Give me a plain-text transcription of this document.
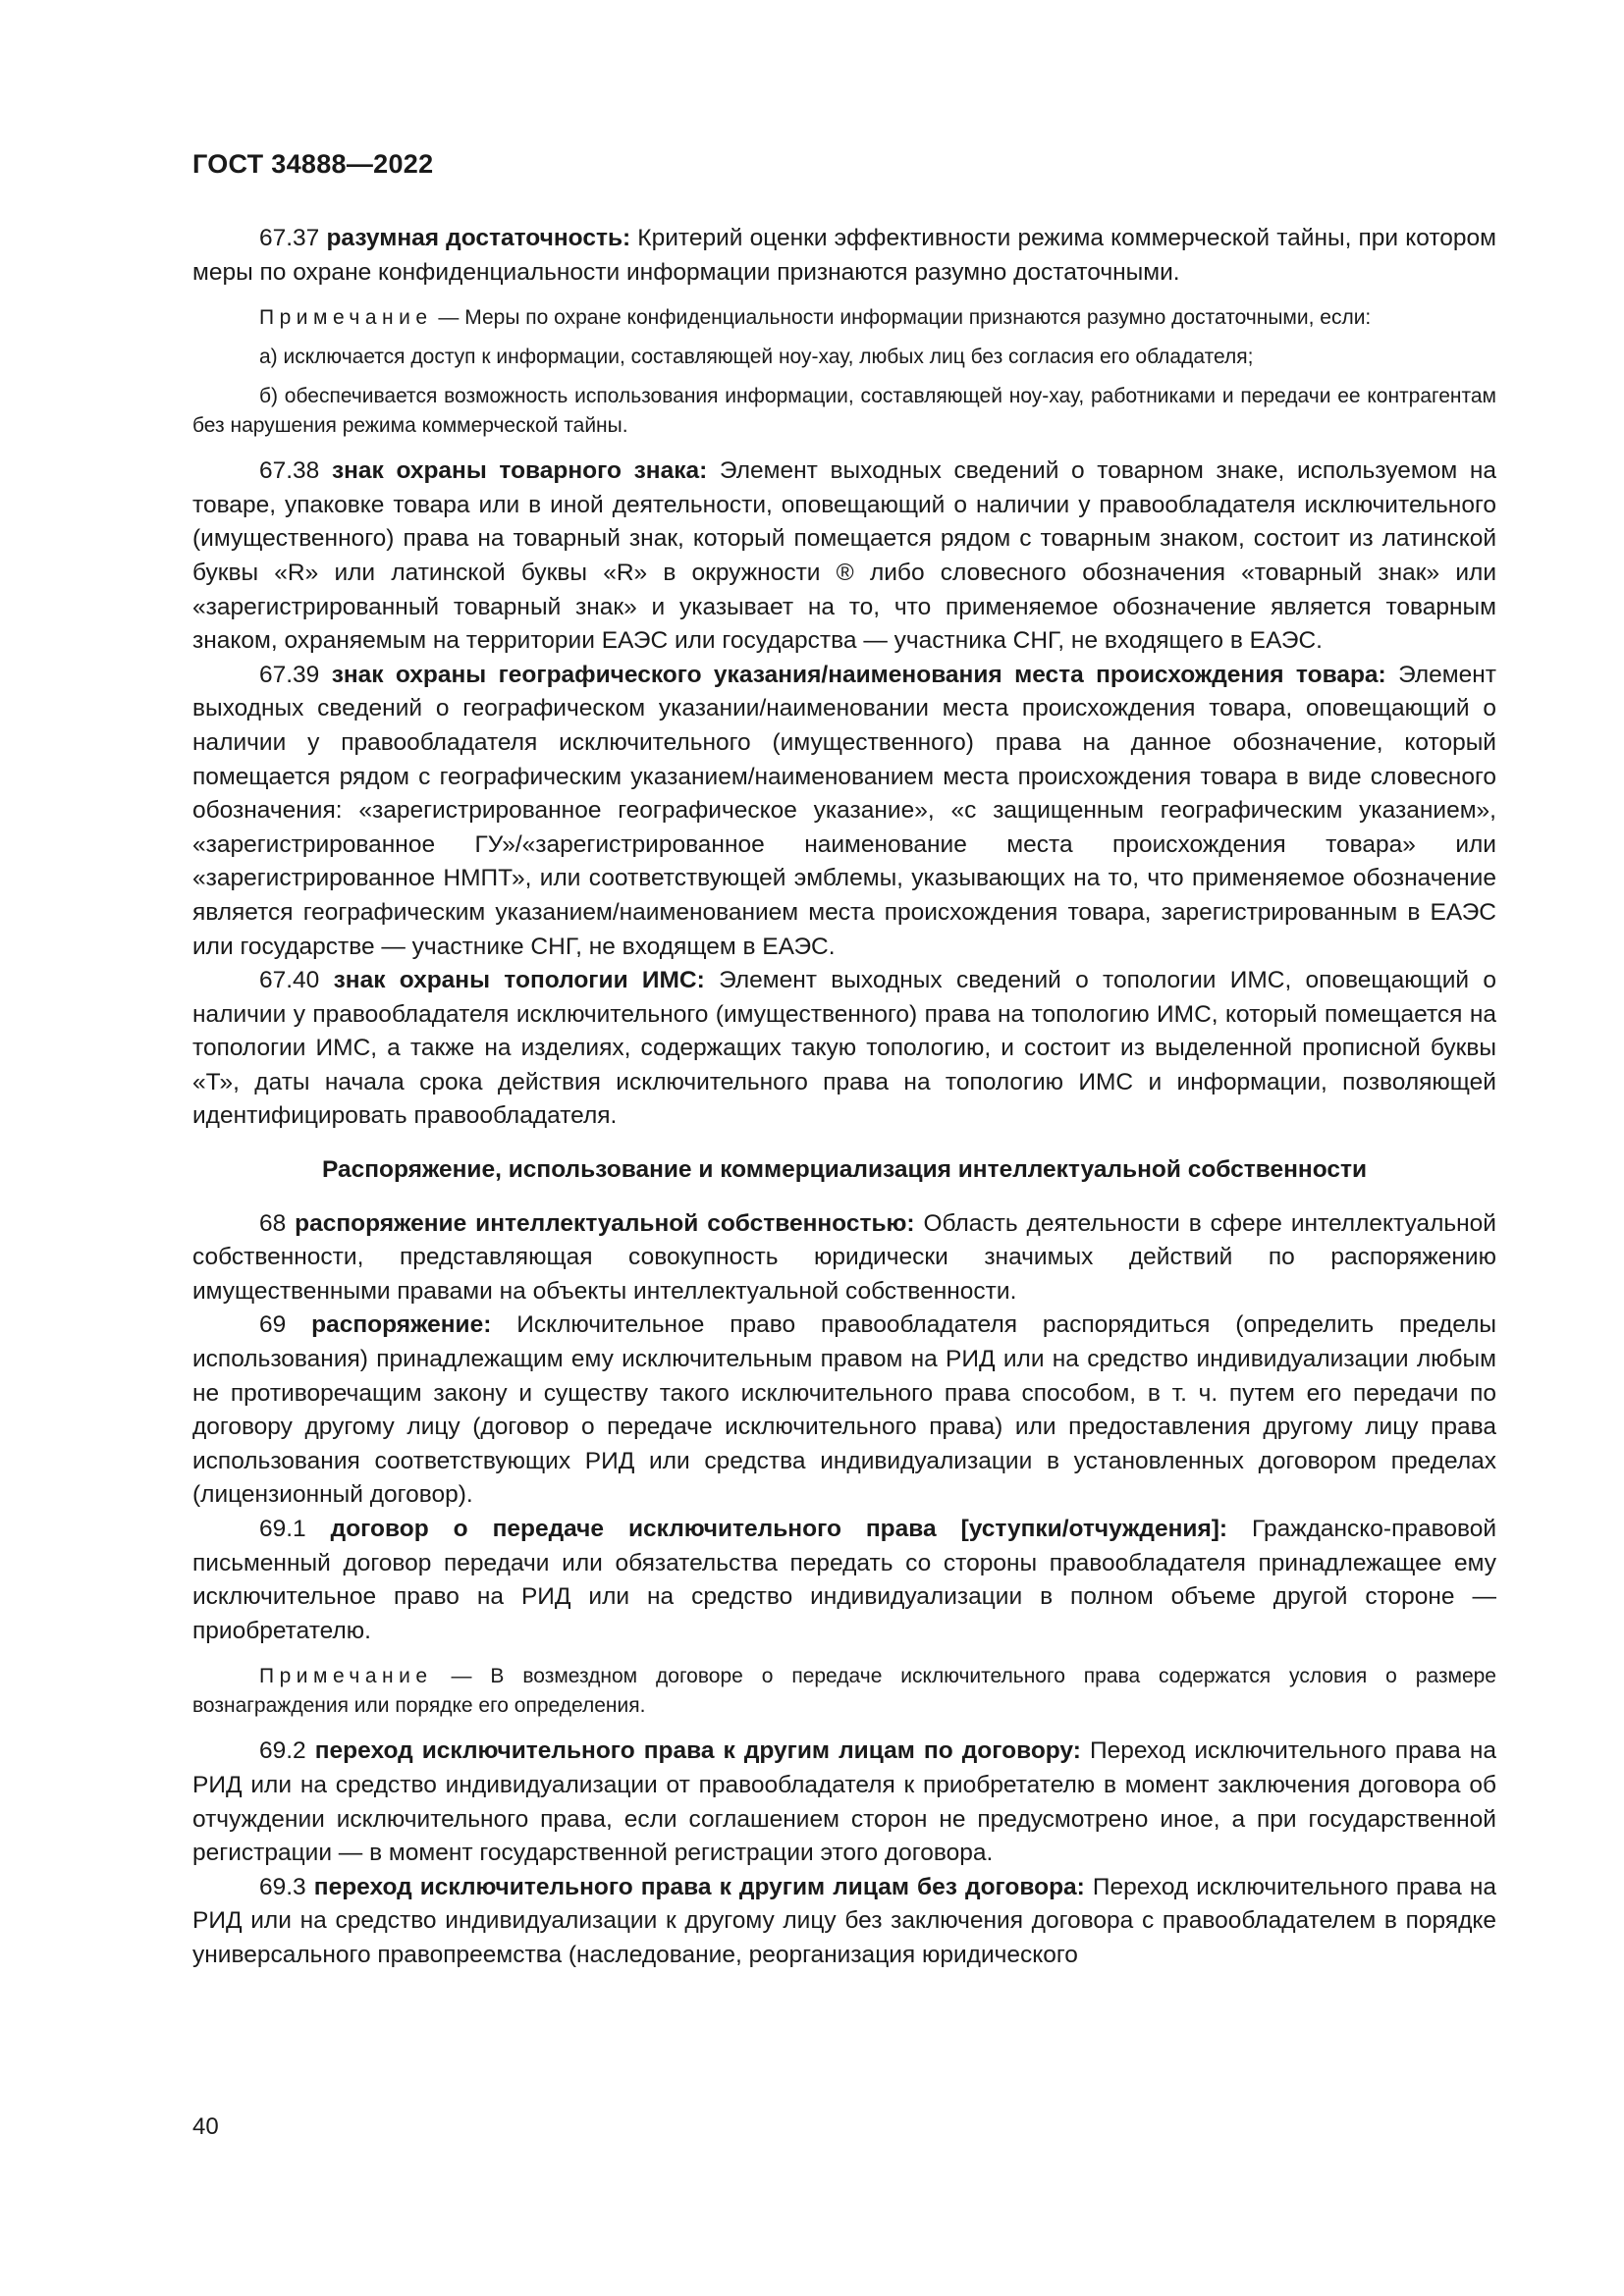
ГОСТ 34888—2022

67.37 разумная достаточность: Критерий оценки эффективности режима коммерческой тайны, при котором меры по охране конфиденциальности информации признаются разумно достаточными.

Примечание — Меры по охране конфиденциальности информации признаются разумно достаточными, если:

а) исключается доступ к информации, составляющей ноу-хау, любых лиц без согласия его обладателя;

б) обеспечивается возможность использования информации, составляющей ноу-хау, работниками и передачи ее контрагентам без нарушения режима коммерческой тайны.

67.38 знак охраны товарного знака: Элемент выходных сведений о товарном знаке, используемом на товаре, упаковке товара или в иной деятельности, оповещающий о наличии у правообладателя исключительного (имущественного) права на товарный знак, который помещается рядом с товарным знаком, состоит из латинской буквы «R» или латинской буквы «R» в окружности ® либо словесного обозначения «товарный знак» или «зарегистрированный товарный знак» и указывает на то, что применяемое обозначение является товарным знаком, охраняемым на территории ЕАЭС или государства — участника СНГ, не входящего в ЕАЭС.

67.39 знак охраны географического указания/наименования места происхождения товара: Элемент выходных сведений о географическом указании/наименовании места происхождения товара, оповещающий о наличии у правообладателя исключительного (имущественного) права на данное обозначение, который помещается рядом с географическим указанием/наименованием места происхождения товара в виде словесного обозначения: «зарегистрированное географическое указание», «с защищенным географическим указанием», «зарегистрированное ГУ»/«зарегистрированное наименование места происхождения товара» или «зарегистрированное НМПТ», или соответствующей эмблемы, указывающих на то, что применяемое обозначение является географическим указанием/наименованием места происхождения товара, зарегистрированным в ЕАЭС или государстве — участнике СНГ, не входящем в ЕАЭС.

67.40 знак охраны топологии ИМС: Элемент выходных сведений о топологии ИМС, оповещающий о наличии у правообладателя исключительного (имущественного) права на топологию ИМС, который помещается на топологии ИМС, а также на изделиях, содержащих такую топологию, и состоит из выделенной прописной буквы «Т», даты начала срока действия исключительного права на топологию ИМС и информации, позволяющей идентифицировать правообладателя.

Распоряжение, использование и коммерциализация интеллектуальной собственности

68 распоряжение интеллектуальной собственностью: Область деятельности в сфере интеллектуальной собственности, представляющая совокупность юридически значимых действий по распоряжению имущественными правами на объекты интеллектуальной собственности.

69 распоряжение: Исключительное право правообладателя распорядиться (определить пределы использования) принадлежащим ему исключительным правом на РИД или на средство индивидуализации любым не противоречащим закону и существу такого исключительного права способом, в т. ч. путем его передачи по договору другому лицу (договор о передаче исключительного права) или предоставления другому лицу права использования соответствующих РИД или средства индивидуализации в установленных договором пределах (лицензионный договор).

69.1 договор о передаче исключительного права [уступки/отчуждения]: Гражданско-правовой письменный договор передачи или обязательства передать со стороны правообладателя принадлежащее ему исключительное право на РИД или на средство индивидуализации в полном объеме другой стороне — приобретателю.

Примечание — В возмездном договоре о передаче исключительного права содержатся условия о размере вознаграждения или порядке его определения.

69.2 переход исключительного права к другим лицам по договору: Переход исключительного права на РИД или на средство индивидуализации от правообладателя к приобретателю в момент заключения договора об отчуждении исключительного права, если соглашением сторон не предусмотрено иное, а при государственной регистрации — в момент государственной регистрации этого договора.

69.3 переход исключительного права к другим лицам без договора: Переход исключительного права на РИД или на средство индивидуализации к другому лицу без заключения договора с правообладателем в порядке универсального правопреемства (наследование, реорганизация юридического

40
